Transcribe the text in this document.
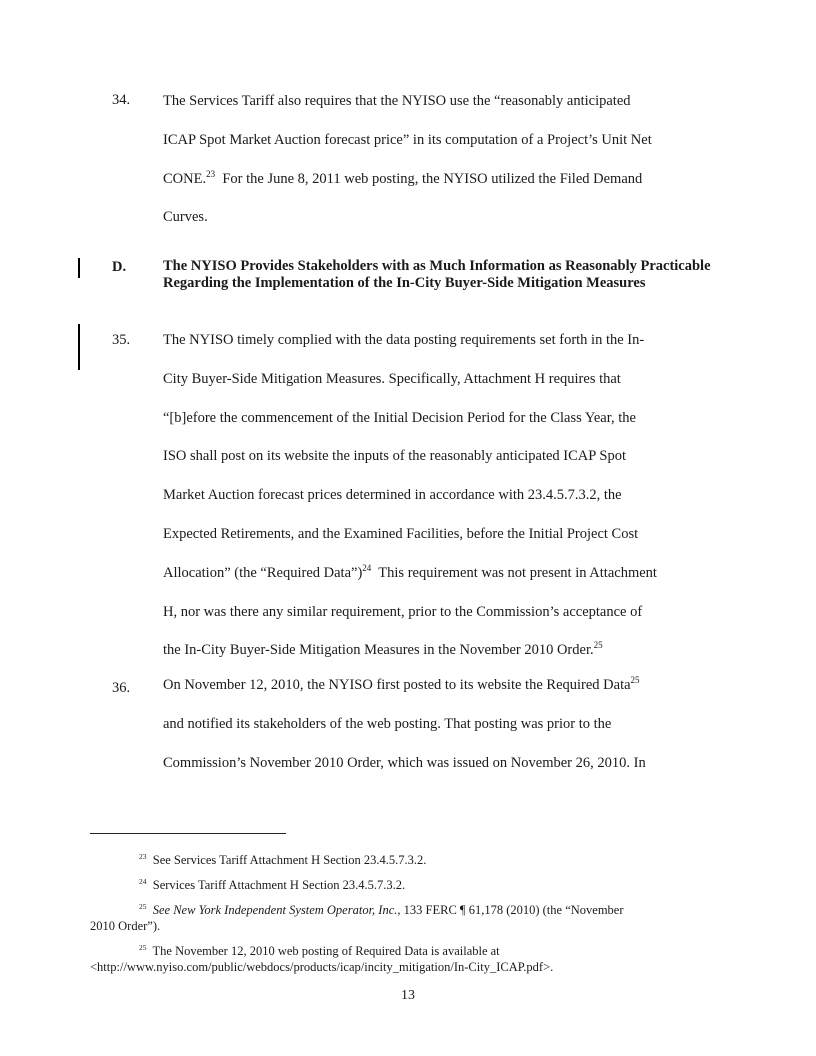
34.	The Services Tariff also requires that the NYISO use the “reasonably anticipated
ICAP Spot Market Auction forecast price” in its computation of a Project’s Unit Net
CONE.$^{23}$ For the June 8, 2011 web posting, the NYISO utilized the Filed Demand
Curves.
D.	The NYISO Provides Stakeholders with as Much Information as Reasonably Practicable Regarding the Implementation of the In-City Buyer-Side Mitigation Measures
35.	The NYISO timely complied with the data posting requirements set forth in the In-
City Buyer-Side Mitigation Measures. Specifically, Attachment H requires that
“[b]efore the commencement of the Initial Decision Period for the Class Year, the
ISO shall post on its website the inputs of the reasonably anticipated ICAP Spot
Market Auction forecast prices determined in accordance with 23.4.5.7.3.2, the
Expected Retirements, and the Examined Facilities, before the Initial Project Cost
Allocation” (the “Required Data”)$^{24}$ This requirement was not present in Attachment
H, nor was there any similar requirement, prior to the Commission’s acceptance of
the In-City Buyer-Side Mitigation Measures in the November 2010 Order.$^{25}$
36.	On November 12, 2010, the NYISO first posted to its website the Required Data$^{25}$
and notified its stakeholders of the web posting. That posting was prior to the
Commission’s November 2010 Order, which was issued on November 26, 2010. In
$^{23}$ See Services Tariff Attachment H Section 23.4.5.7.3.2.
$^{24}$ Services Tariff Attachment H Section 23.4.5.7.3.2.
$^{25}$ See New York Independent System Operator, Inc., 133 FERC ¶ 61,178 (2010) (the “November
2010 Order”).
$^{25}$ The November 12, 2010 web posting of Required Data is available at
<http://www.nyiso.com/public/webdocs/products/icap/incity_mitigation/In-City_ICAP.pdf>.
13
